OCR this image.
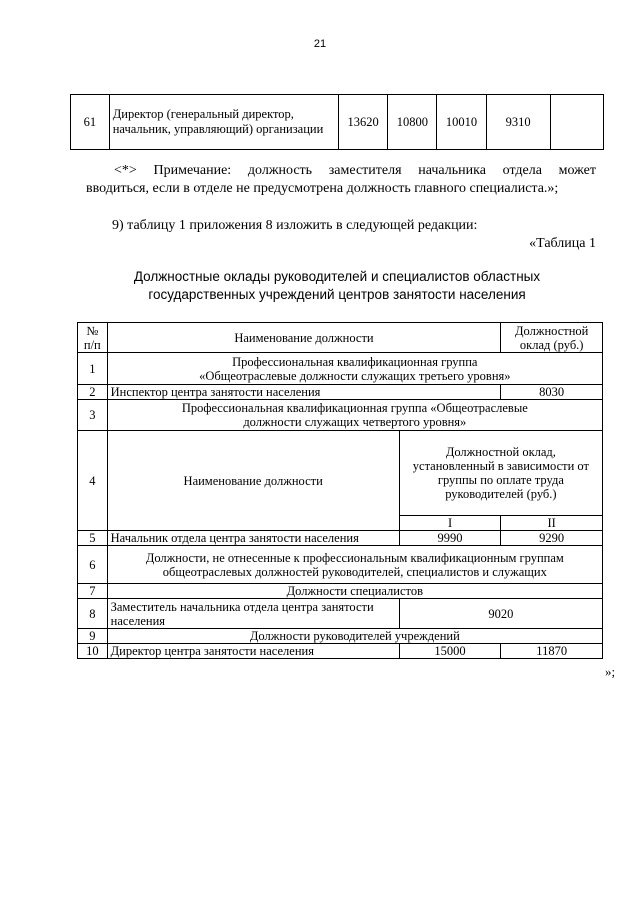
21
61	Директор (генеральный директор, начальник, управляющий) организации	13620	10800	10010	9310	
<*> Примечание: должность заместителя начальника отдела может
вводиться, если в отделе не предусмотрена должность главного специалиста.»;
9) таблицу 1 приложения 8 изложить в следующей редакции:
«Таблица 1
Должностные оклады руководителей и специалистов областных
государственных учреждений центров занятости населения
№ п/п	Наименование должности		Должностной оклад (руб.)
1	Профессиональная квалификационная группа «Общеотраслевые должности служащих третьего уровня»		
2	Инспектор центра занятости населения		8030
3	Профессиональная квалификационная группа «Общеотраслевые должности служащих четвертого уровня»		
4	Наименование должности	Должностной оклад, установленный в зависимости от группы по оплате труда руководителей (руб.)	
		I	II
5	Начальник отдела центра занятости населения	9990	9290
6	Должности, не отнесенные к профессиональным квалификационным группам общеотраслевых должностей руководителей, специалистов и служащих		
7	Должности специалистов		
8	Заместитель начальника отдела центра занятости населения	9020	
9	Должности руководителей учреждений		
10	Директор центра занятости населения	15000	11870
»;
